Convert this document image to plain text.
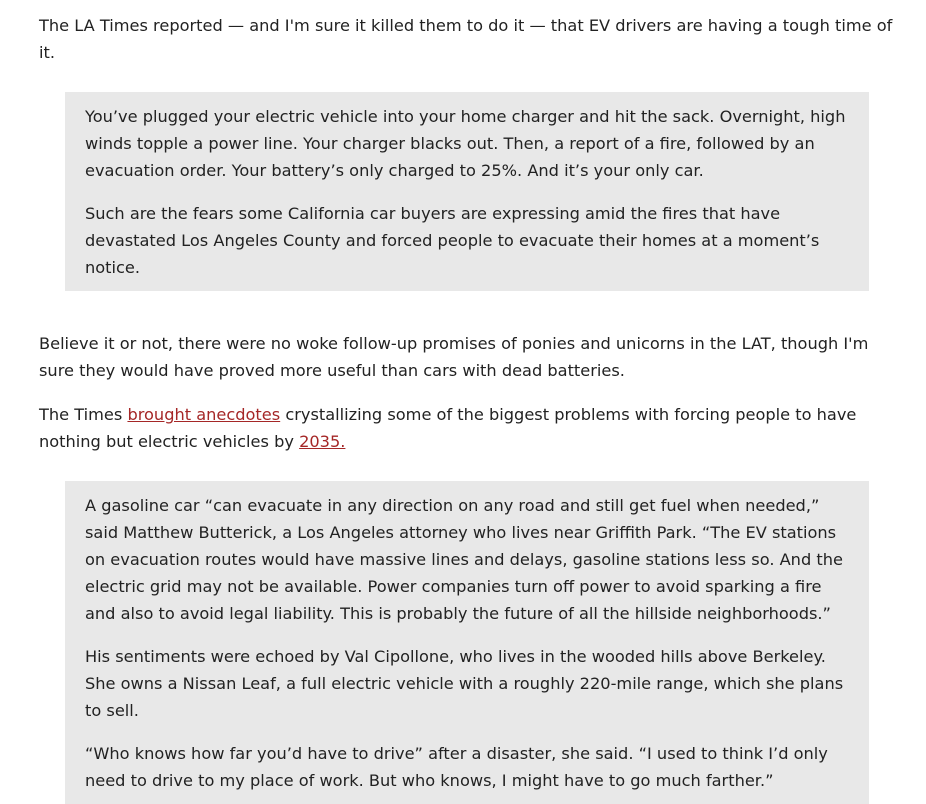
The LA Times reported — and I'm sure it killed them to do it — that EV drivers are having a tough time of it.

You’ve plugged your electric vehicle into your home charger and hit the sack. Overnight, high winds topple a power line. Your charger blacks out. Then, a report of a fire, followed by an evacuation order. Your battery’s only charged to 25%. And it’s your only car.

Such are the fears some California car buyers are expressing amid the fires that have devastated Los Angeles County and forced people to evacuate their homes at a moment’s notice.

Believe it or not, there were no woke follow-up promises of ponies and unicorns in the LAT, though I'm sure they would have proved more useful than cars with dead batteries.

The Times brought anecdotes crystallizing some of the biggest problems with forcing people to have nothing but electric vehicles by 2035.

A gasoline car “can evacuate in any direction on any road and still get fuel when needed,” said Matthew Butterick, a Los Angeles attorney who lives near Griffith Park. “The EV stations on evacuation routes would have massive lines and delays, gasoline stations less so. And the electric grid may not be available. Power companies turn off power to avoid sparking a fire and also to avoid legal liability. This is probably the future of all the hillside neighborhoods.”

His sentiments were echoed by Val Cipollone, who lives in the wooded hills above Berkeley. She owns a Nissan Leaf, a full electric vehicle with a roughly 220-mile range, which she plans to sell.

“Who knows how far you’d have to drive” after a disaster, she said. “I used to think I’d only need to drive to my place of work. But who knows, I might have to go much farther.”
